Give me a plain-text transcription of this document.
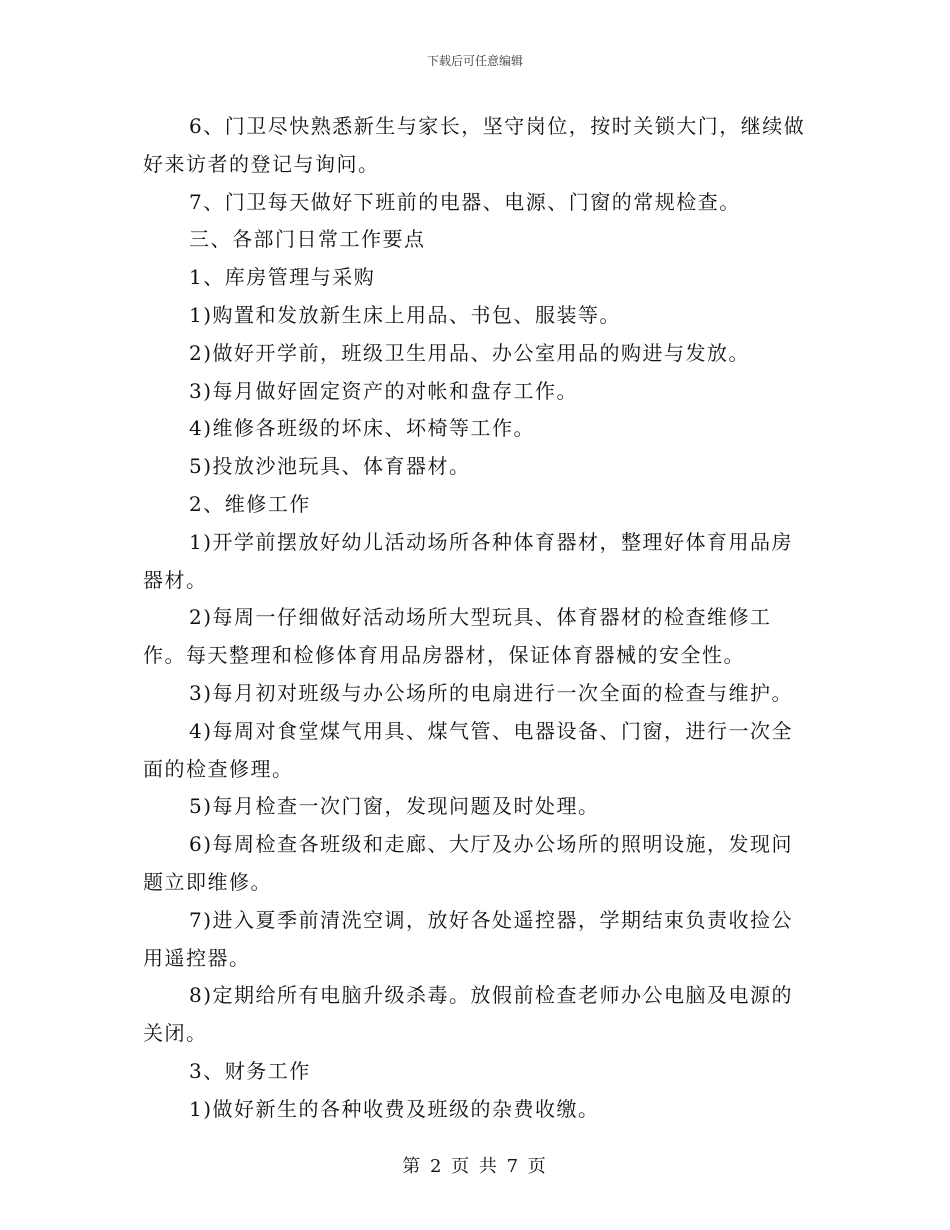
下载后可任意编辑

6、门卫尽快熟悉新生与家长，坚守岗位，按时关锁大门，继续做好来访者的登记与询问。

7、门卫每天做好下班前的电器、电源、门窗的常规检查。

三、各部门日常工作要点

1、库房管理与采购

1)购置和发放新生床上用品、书包、服装等。

2)做好开学前，班级卫生用品、办公室用品的购进与发放。

3)每月做好固定资产的对帐和盘存工作。

4)维修各班级的坏床、坏椅等工作。

5)投放沙池玩具、体育器材。

2、维修工作

1)开学前摆放好幼儿活动场所各种体育器材，整理好体育用品房器材。

2)每周一仔细做好活动场所大型玩具、体育器材的检查维修工作。每天整理和检修体育用品房器材，保证体育器械的安全性。

3)每月初对班级与办公场所的电扇进行一次全面的检查与维护。

4)每周对食堂煤气用具、煤气管、电器设备、门窗，进行一次全面的检查修理。

5)每月检查一次门窗，发现问题及时处理。

6)每周检查各班级和走廊、大厅及办公场所的照明设施，发现问题立即维修。

7)进入夏季前清洗空调，放好各处遥控器，学期结束负责收捡公用遥控器。

8)定期给所有电脑升级杀毒。放假前检查老师办公电脑及电源的关闭。

3、财务工作

1)做好新生的各种收费及班级的杂费收缴。

第 2 页 共 7 页
